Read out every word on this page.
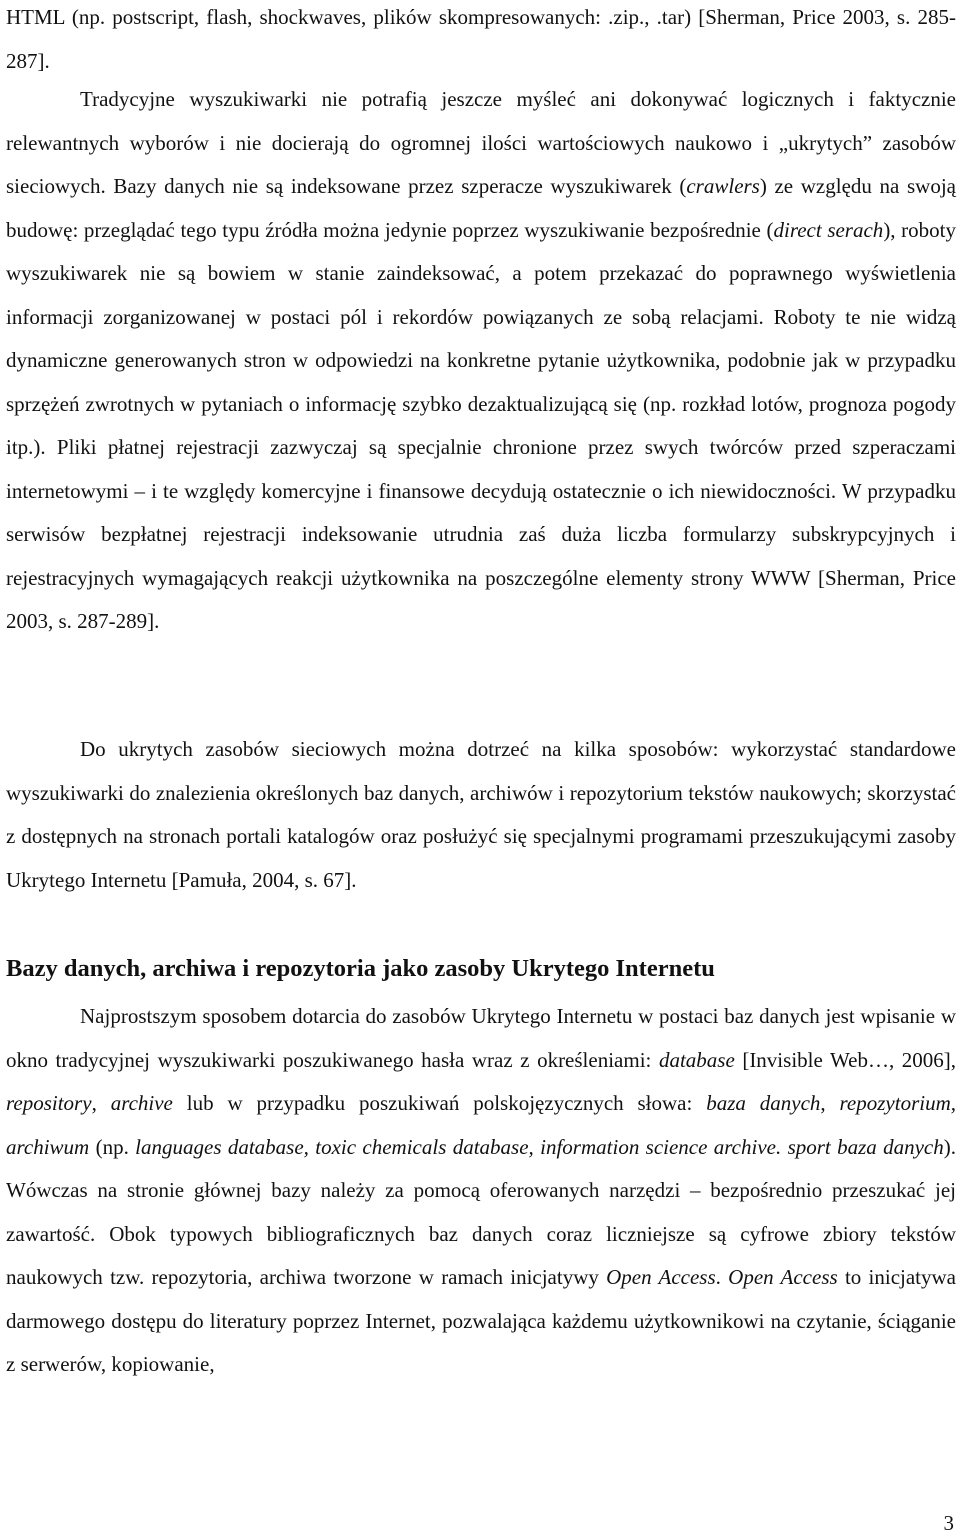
HTML (np. postscript, flash, shockwaves, plików skompresowanych: .zip., .tar) [Sherman, Price 2003, s. 285-287].

Tradycyjne wyszukiwarki nie potrafią jeszcze myśleć ani dokonywać logicznych i faktycznie relewantnych wyborów i nie docierają do ogromnej ilości wartościowych naukowo i „ukrytych” zasobów sieciowych. Bazy danych nie są indeksowane przez szperacze wyszukiwarek (crawlers) ze względu na swoją budowę: przeglądać tego typu źródła można jedynie poprzez wyszukiwanie bezpośrednie (direct serach), roboty wyszukiwarek nie są bowiem w stanie zaindeksować, a potem przekazać do poprawnego wyświetlenia informacji zorganizowanej w postaci pól i rekordów powiązanych ze sobą relacjami. Roboty te nie widzą dynamiczne generowanych stron w odpowiedzi na konkretne pytanie użytkownika, podobnie jak w przypadku sprzężeń zwrotnych w pytaniach o informację szybko dezaktualizującą się (np. rozkład lotów, prognoza pogody itp.). Pliki płatnej rejestracji zazwyczaj są specjalnie chronione przez swych twórców przed szperaczami internetowymi – i te względy komercyjne i finansowe decydują ostatecznie o ich niewidoczności. W przypadku serwisów bezpłatnej rejestracji indeksowanie utrudnia zaś duża liczba formularzy subskrypcyjnych i rejestracyjnych wymagających reakcji użytkownika na poszczególne elementy strony WWW [Sherman, Price 2003, s. 287-289].

Do ukrytych zasobów sieciowych można dotrzeć na kilka sposobów: wykorzystać standardowe wyszukiwarki do znalezienia określonych baz danych, archiwów i repozytorium tekstów naukowych; skorzystać z dostępnych na stronach portali katalogów oraz posłużyć się specjalnymi programami przeszukującymi zasoby Ukrytego Internetu [Pamuła, 2004, s. 67].

Bazy danych, archiwa i repozytoria jako zasoby Ukrytego Internetu

Najprostszym sposobem dotarcia do zasobów Ukrytego Internetu w postaci baz danych jest wpisanie w okno tradycyjnej wyszukiwarki poszukiwanego hasła wraz z określeniami: database [Invisible Web…, 2006], repository, archive lub w przypadku poszukiwań polskojęzycznych słowa: baza danych, repozytorium, archiwum (np. languages database, toxic chemicals database, information science archive. sport baza danych). Wówczas na stronie głównej bazy należy za pomocą oferowanych narzędzi – bezpośrednio przeszukać jej zawartość. Obok typowych bibliograficznych baz danych coraz liczniejsze są cyfrowe zbiory tekstów naukowych tzw. repozytoria, archiwa tworzone w ramach inicjatywy Open Access. Open Access to inicjatywa darmowego dostępu do literatury poprzez Internet, pozwalająca każdemu użytkownikowi na czytanie, ściąganie z serwerów, kopiowanie,

3
